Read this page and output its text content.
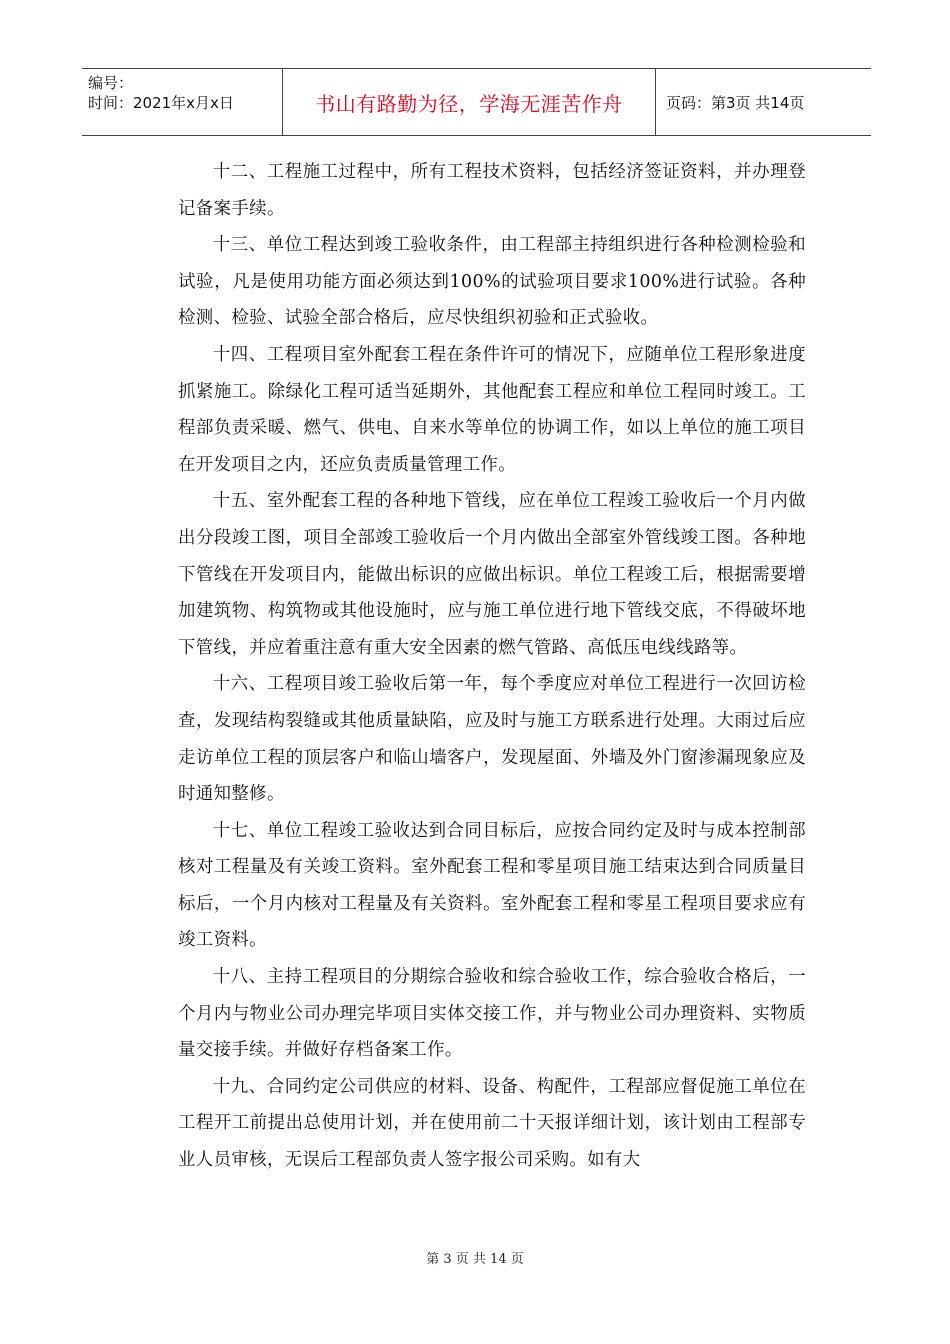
编号：
时间：2021年x月x日	书山有路勤为径，学海无涯苦作舟	页码：第3页 共14页

十二、工程施工过程中，所有工程技术资料，包括经济签证资料，并办理登记备案手续。

十三、单位工程达到竣工验收条件，由工程部主持组织进行各种检测检验和试验，凡是使用功能方面必须达到100%的试验项目要求100%进行试验。各种检测、检验、试验全部合格后，应尽快组织初验和正式验收。

十四、工程项目室外配套工程在条件许可的情况下，应随单位工程形象进度抓紧施工。除绿化工程可适当延期外，其他配套工程应和单位工程同时竣工。工程部负责采暖、燃气、供电、自来水等单位的协调工作，如以上单位的施工项目在开发项目之内，还应负责质量管理工作。

十五、室外配套工程的各种地下管线，应在单位工程竣工验收后一个月内做出分段竣工图，项目全部竣工验收后一个月内做出全部室外管线竣工图。各种地下管线在开发项目内，能做出标识的应做出标识。单位工程竣工后，根据需要增加建筑物、构筑物或其他设施时，应与施工单位进行地下管线交底，不得破坏地下管线，并应着重注意有重大安全因素的燃气管路、高低压电线线路等。

十六、工程项目竣工验收后第一年，每个季度应对单位工程进行一次回访检查，发现结构裂缝或其他质量缺陷，应及时与施工方联系进行处理。大雨过后应走访单位工程的顶层客户和临山墙客户，发现屋面、外墙及外门窗渗漏现象应及时通知整修。

十七、单位工程竣工验收达到合同目标后，应按合同约定及时与成本控制部核对工程量及有关竣工资料。室外配套工程和零星项目施工结束达到合同质量目标后，一个月内核对工程量及有关资料。室外配套工程和零星工程项目要求应有竣工资料。

十八、主持工程项目的分期综合验收和综合验收工作，综合验收合格后，一个月内与物业公司办理完毕项目实体交接工作，并与物业公司办理资料、实物质量交接手续。并做好存档备案工作。

十九、合同约定公司供应的材料、设备、构配件，工程部应督促施工单位在工程开工前提出总使用计划，并在使用前二十天报详细计划，该计划由工程部专业人员审核，无误后工程部负责人签字报公司采购。如有大

第 3 页 共 14 页
